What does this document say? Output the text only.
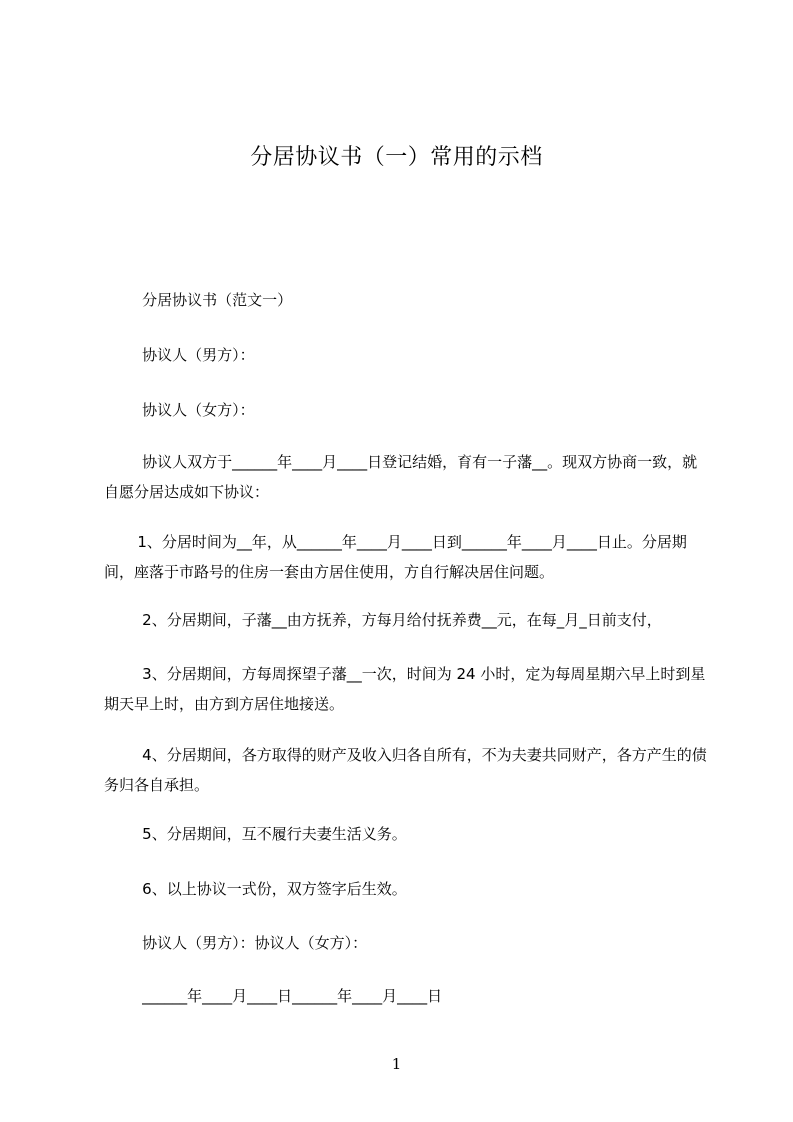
分居协议书（一）常用的示档
分居协议书（范文一）
协议人（男方）：
协议人（女方）：
协议人双方于______年____月____日登记结婚，育有一子藩__。现双方协商一致，就自愿分居达成如下协议：
1、分居时间为__年，从______年____月____日到______年____月____日止。分居期间，座落于市路号的住房一套由方居住使用，方自行解决居住问题。
2、分居期间，子藩__由方抚养，方每月给付抚养费__元，在每_月_日前支付，
3、分居期间，方每周探望子藩__一次，时间为 24 小时，定为每周星期六早上时到星期天早上时，由方到方居住地接送。
4、分居期间，各方取得的财产及收入归各自所有，不为夫妻共同财产，各方产生的债务归各自承担。
5、分居期间，互不履行夫妻生活义务。
6、以上协议一式份，双方签字后生效。
协议人（男方）：协议人（女方）：
______年____月____日______年____月____日
1
